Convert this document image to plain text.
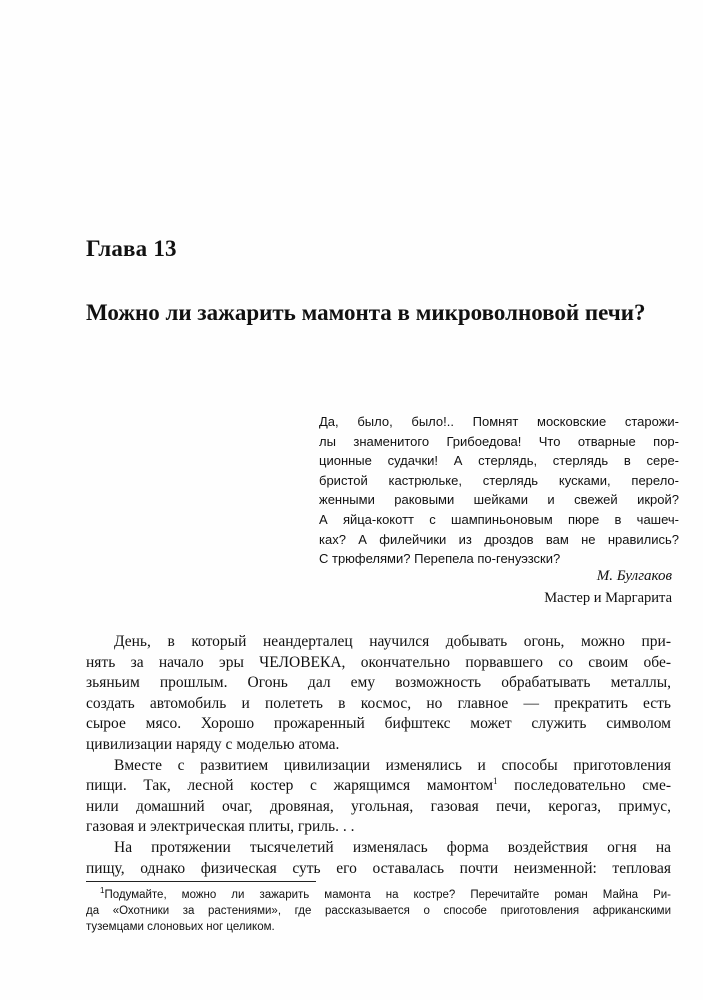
Глава 13
Можно ли зажарить мамонта в микроволновой печи?
Да, было, было!.. Помнят московские старожи-
лы знаменитого Грибоедова! Что отварные пор-
ционные судачки! А стерлядь, стерлядь в сере-
бристой кастрюльке, стерлядь кусками, перело-
женными раковыми шейками и свежей икрой?
А яйца-кокотт с шампиньоновым пюре в чашеч-
ках? А филейчики из дроздов вам не нравились?
С трюфелями? Перепела по-генуэзски?

М. Булгаков

Мастер и Маргарита

День, в который неандерталец научился добывать огонь, можно при-
нять за начало эры ЧЕЛОВЕКА, окончательно порвавшего со своим обе-
зьяньим прошлым. Огонь дал ему возможность обрабатывать металлы,
создать автомобиль и полететь в космос, но главное — прекратить есть
сырое мясо. Хорошо прожаренный бифштекс может служить символом
цивилизации наряду с моделью атома.
Вместе с развитием цивилизации изменялись и способы приготовления
пищи. Так, лесной костер с жарящимся мамонтом$^1$ последовательно сме-
нили домашний очаг, дровяная, угольная, газовая печи, керогаз, примус,
газовая и электрическая плиты, гриль. . .
На протяжении тысячелетий изменялась форма воздействия огня на
пищу, однако физическая суть его оставалась почти неизменной: тепловая
$^1$Подумайте, можно ли зажарить мамонта на костре? Перечитайте роман Майна Ри-
да «Охотники за растениями», где рассказывается о способе приготовления африканскими
туземцами слоновьих ног целиком.
